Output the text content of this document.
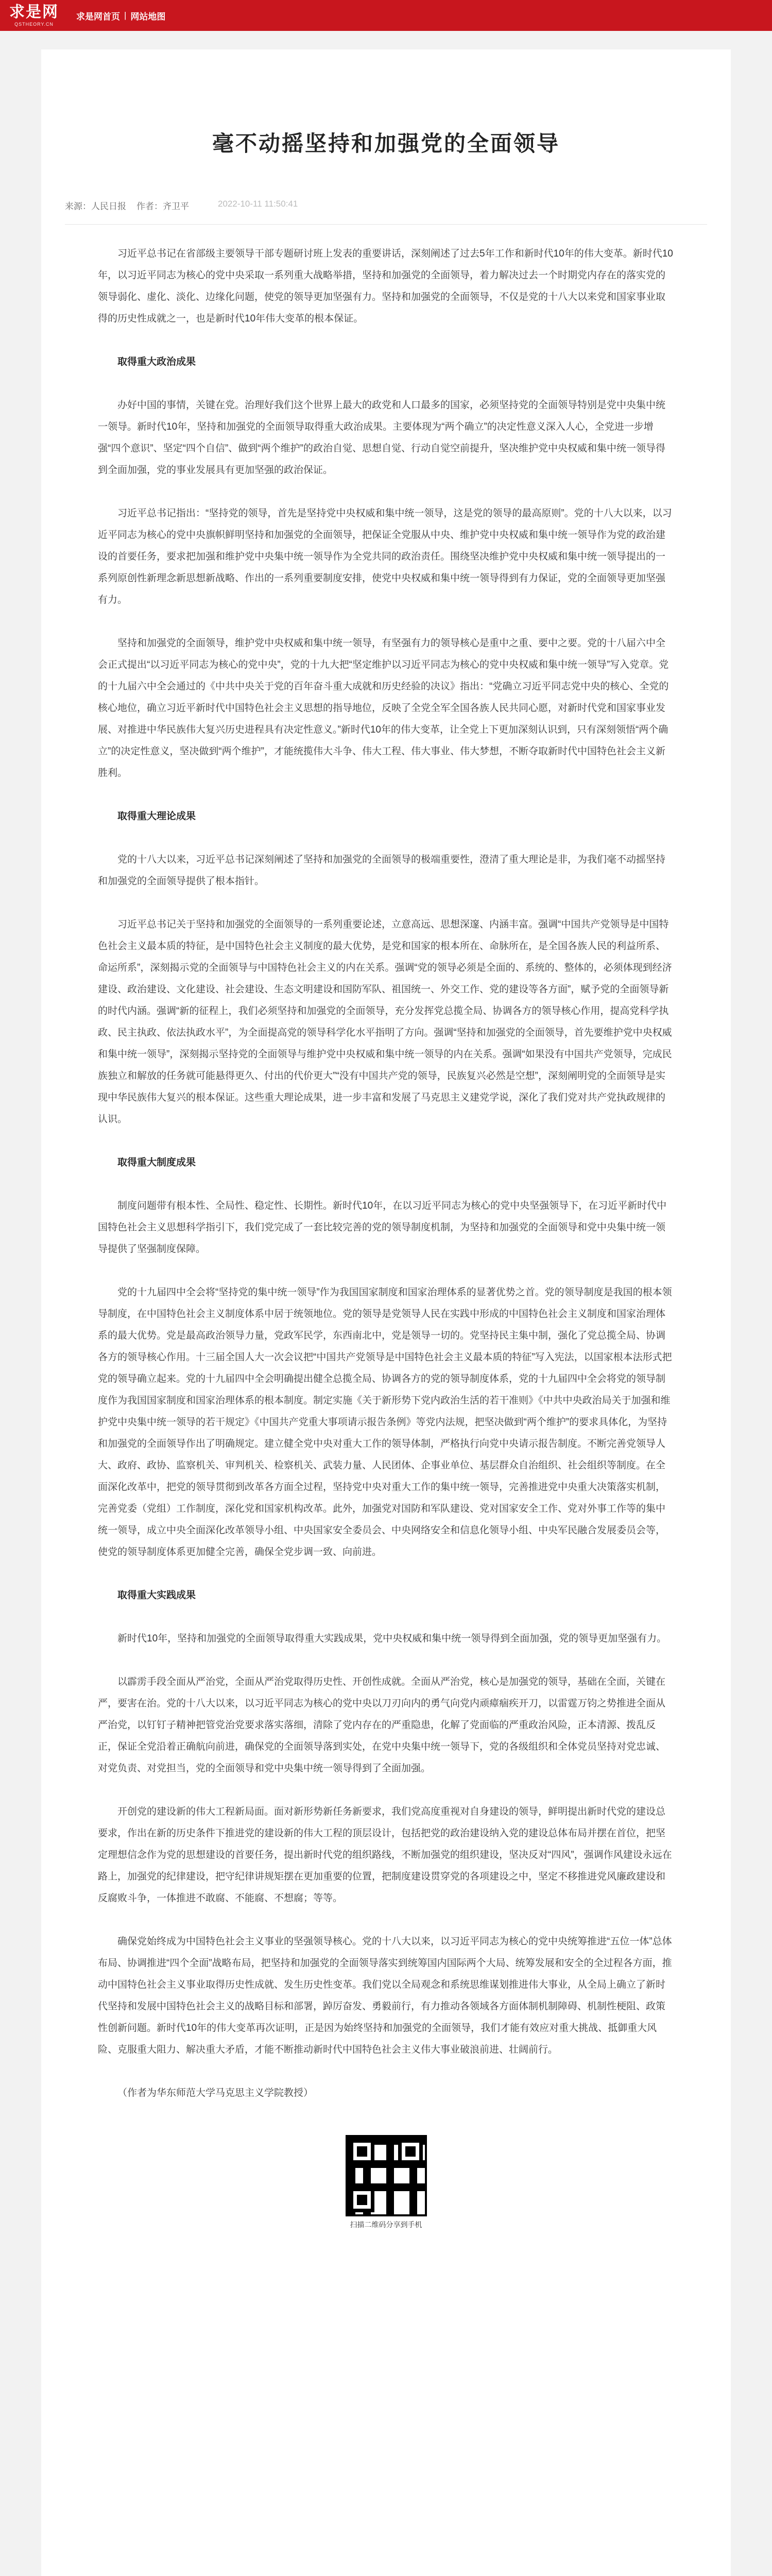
求是网
QSTHEORY.CN
求是网首页 | 网站地图
毫不动摇坚持和加强党的全面领导
来源：人民日报 作者：齐卫平	2022-10-11 11:50:41

习近平总书记在省部级主要领导干部专题研讨班上发表的重要讲话，深刻阐述了过去5年工作和新时代10年的伟大变革。新时代10年，以习近平同志为核心的党中央采取一系列重大战略举措，坚持和加强党的全面领导，着力解决过去一个时期党内存在的落实党的领导弱化、虚化、淡化、边缘化问题，使党的领导更加坚强有力。坚持和加强党的全面领导，不仅是党的十八大以来党和国家事业取得的历史性成就之一，也是新时代10年伟大变革的根本保证。

取得重大政治成果

办好中国的事情，关键在党。治理好我们这个世界上最大的政党和人口最多的国家，必须坚持党的全面领导特别是党中央集中统一领导。新时代10年，坚持和加强党的全面领导取得重大政治成果。主要体现为“两个确立”的决定性意义深入人心，全党进一步增强“四个意识”、坚定“四个自信”、做到“两个维护”的政治自觉、思想自觉、行动自觉空前提升，坚决维护党中央权威和集中统一领导得到全面加强，党的事业发展具有更加坚强的政治保证。

习近平总书记指出：“坚持党的领导，首先是坚持党中央权威和集中统一领导，这是党的领导的最高原则”。党的十八大以来，以习近平同志为核心的党中央旗帜鲜明坚持和加强党的全面领导，把保证全党服从中央、维护党中央权威和集中统一领导作为党的政治建设的首要任务，要求把加强和维护党中央集中统一领导作为全党共同的政治责任。围绕坚决维护党中央权威和集中统一领导提出的一系列原创性新理念新思想新战略、作出的一系列重要制度安排，使党中央权威和集中统一领导得到有力保证，党的全面领导更加坚强有力。

坚持和加强党的全面领导，维护党中央权威和集中统一领导，有坚强有力的领导核心是重中之重、要中之要。党的十八届六中全会正式提出“以习近平同志为核心的党中央”，党的十九大把“坚定维护以习近平同志为核心的党中央权威和集中统一领导”写入党章。党的十九届六中全会通过的《中共中央关于党的百年奋斗重大成就和历史经验的决议》指出：“党确立习近平同志党中央的核心、全党的核心地位，确立习近平新时代中国特色社会主义思想的指导地位，反映了全党全军全国各族人民共同心愿，对新时代党和国家事业发展、对推进中华民族伟大复兴历史进程具有决定性意义。”新时代10年的伟大变革，让全党上下更加深刻认识到，只有深刻领悟“两个确立”的决定性意义，坚决做到“两个维护”，才能统揽伟大斗争、伟大工程、伟大事业、伟大梦想，不断夺取新时代中国特色社会主义新胜利。

取得重大理论成果

党的十八大以来，习近平总书记深刻阐述了坚持和加强党的全面领导的极端重要性，澄清了重大理论是非，为我们毫不动摇坚持和加强党的全面领导提供了根本指针。

习近平总书记关于坚持和加强党的全面领导的一系列重要论述，立意高远、思想深邃、内涵丰富。强调“中国共产党领导是中国特色社会主义最本质的特征，是中国特色社会主义制度的最大优势，是党和国家的根本所在、命脉所在，是全国各族人民的利益所系、命运所系”，深刻揭示党的全面领导与中国特色社会主义的内在关系。强调“党的领导必须是全面的、系统的、整体的，必须体现到经济建设、政治建设、文化建设、社会建设、生态文明建设和国防军队、祖国统一、外交工作、党的建设等各方面”，赋予党的全面领导新的时代内涵。强调“新的征程上，我们必须坚持和加强党的全面领导，充分发挥党总揽全局、协调各方的领导核心作用，提高党科学执政、民主执政、依法执政水平”，为全面提高党的领导科学化水平指明了方向。强调“坚持和加强党的全面领导，首先要维护党中央权威和集中统一领导”，深刻揭示坚持党的全面领导与维护党中央权威和集中统一领导的内在关系。强调“如果没有中国共产党领导，完成民族独立和解放的任务就可能悬得更久、付出的代价更大”“没有中国共产党的领导，民族复兴必然是空想”，深刻阐明党的全面领导是实现中华民族伟大复兴的根本保证。这些重大理论成果，进一步丰富和发展了马克思主义建党学说，深化了我们党对共产党执政规律的认识。

取得重大制度成果

制度问题带有根本性、全局性、稳定性、长期性。新时代10年，在以习近平同志为核心的党中央坚强领导下，在习近平新时代中国特色社会主义思想科学指引下，我们党完成了一套比较完善的党的领导制度机制，为坚持和加强党的全面领导和党中央集中统一领导提供了坚强制度保障。

党的十九届四中全会将“坚持党的集中统一领导”作为我国国家制度和国家治理体系的显著优势之首。党的领导制度是我国的根本领导制度，在中国特色社会主义制度体系中居于统领地位。党的领导是党领导人民在实践中形成的中国特色社会主义制度和国家治理体系的最大优势。党是最高政治领导力量，党政军民学，东西南北中，党是领导一切的。党坚持民主集中制，强化了党总揽全局、协调各方的领导核心作用。十三届全国人大一次会议把“中国共产党领导是中国特色社会主义最本质的特征”写入宪法，以国家根本法形式把党的领导确立起来。党的十九届四中全会明确提出健全总揽全局、协调各方的党的领导制度体系，党的十九届四中全会将党的领导制度作为我国国家制度和国家治理体系的根本制度。制定实施《关于新形势下党内政治生活的若干准则》《中共中央政治局关于加强和维护党中央集中统一领导的若干规定》《中国共产党重大事项请示报告条例》等党内法规，把坚决做到“两个维护”的要求具体化，为坚持和加强党的全面领导作出了明确规定。建立健全党中央对重大工作的领导体制，严格执行向党中央请示报告制度。不断完善党领导人大、政府、政协、监察机关、审判机关、检察机关、武装力量、人民团体、企事业单位、基层群众自治组织、社会组织等制度。在全面深化改革中，把党的领导贯彻到改革各方面全过程，坚持党中央对重大工作的集中统一领导，完善推进党中央重大决策落实机制，完善党委（党组）工作制度，深化党和国家机构改革。此外，加强党对国防和军队建设、党对国家安全工作、党对外事工作等的集中统一领导，成立中央全面深化改革领导小组、中央国家安全委员会、中央网络安全和信息化领导小组、中央军民融合发展委员会等，使党的领导制度体系更加健全完善，确保全党步调一致、向前进。

取得重大实践成果

新时代10年，坚持和加强党的全面领导取得重大实践成果，党中央权威和集中统一领导得到全面加强，党的领导更加坚强有力。

以霹雳手段全面从严治党，全面从严治党取得历史性、开创性成就。全面从严治党，核心是加强党的领导，基础在全面，关键在严，要害在治。党的十八大以来，以习近平同志为核心的党中央以刀刃向内的勇气向党内顽瘴痼疾开刀，以雷霆万钧之势推进全面从严治党，以钉钉子精神把管党治党要求落实落细，清除了党内存在的严重隐患，化解了党面临的严重政治风险，正本清源、拨乱反正，保证全党沿着正确航向前进，确保党的全面领导落到实处，在党中央集中统一领导下，党的各级组织和全体党员坚持对党忠诚、对党负责、对党担当，党的全面领导和党中央集中统一领导得到了全面加强。

开创党的建设新的伟大工程新局面。面对新形势新任务新要求，我们党高度重视对自身建设的领导，鲜明提出新时代党的建设总要求，作出在新的历史条件下推进党的建设新的伟大工程的顶层设计，包括把党的政治建设纳入党的建设总体布局并摆在首位，把坚定理想信念作为党的思想建设的首要任务，提出新时代党的组织路线，不断加强党的组织建设，坚决反对“四风”，强调作风建设永远在路上，加强党的纪律建设，把守纪律讲规矩摆在更加重要的位置，把制度建设贯穿党的各项建设之中，坚定不移推进党风廉政建设和反腐败斗争，一体推进不敢腐、不能腐、不想腐；等等。

确保党始终成为中国特色社会主义事业的坚强领导核心。党的十八大以来，以习近平同志为核心的党中央统筹推进“五位一体”总体布局、协调推进“四个全面”战略布局，把坚持和加强党的全面领导落实到统筹国内国际两个大局、统筹发展和安全的全过程各方面，推动中国特色社会主义事业取得历史性成就、发生历史性变革。我们党以全局观念和系统思维谋划推进伟大事业，从全局上确立了新时代坚持和发展中国特色社会主义的战略目标和部署，踔厉奋发、勇毅前行，有力推动各领域各方面体制机制障碍、机制性梗阻、政策性创新问题。新时代10年的伟大变革再次证明，正是因为始终坚持和加强党的全面领导，我们才能有效应对重大挑战、抵御重大风险、克服重大阻力、解决重大矛盾，才能不断推动新时代中国特色社会主义伟大事业破浪前进、壮阔前行。

（作者为华东师范大学马克思主义学院教授）

扫描二维码分享到手机
